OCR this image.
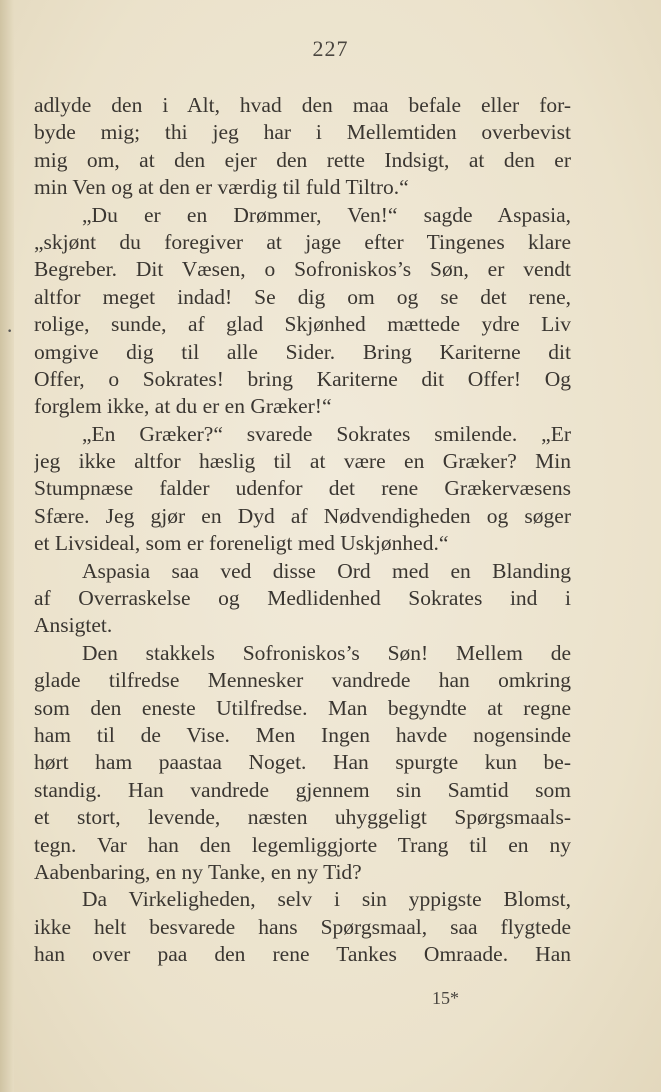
227
·
adlyde den i Alt, hvad den maa befale eller for-
byde mig; thi jeg har i Mellemtiden overbevist
mig om, at den ejer den rette Indsigt, at den er
min Ven og at den er værdig til fuld Tiltro.“
„Du er en Drømmer, Ven!“ sagde Aspasia,
„skjønt du foregiver at jage efter Tingenes klare
Begreber. Dit Væsen, o Sofroniskos’s Søn, er vendt
altfor meget indad! Se dig om og se det rene,
rolige, sunde, af glad Skjønhed mættede ydre Liv
omgive dig til alle Sider. Bring Kariterne dit
Offer, o Sokrates! bring Kariterne dit Offer! Og
forglem ikke, at du er en Græker!“
„En Græker?“ svarede Sokrates smilende. „Er
jeg ikke altfor hæslig til at være en Græker? Min
Stumpnæse falder udenfor det rene Grækervæsens
Sfære. Jeg gjør en Dyd af Nødvendigheden og søger
et Livsideal, som er foreneligt med Uskjønhed.“
Aspasia saa ved disse Ord med en Blanding
af Overraskelse og Medlidenhed Sokrates ind i
Ansigtet.
Den stakkels Sofroniskos’s Søn! Mellem de
glade tilfredse Mennesker vandrede han omkring
som den eneste Utilfredse. Man begyndte at regne
ham til de Vise. Men Ingen havde nogensinde
hørt ham paastaa Noget. Han spurgte kun be-
standig. Han vandrede gjennem sin Samtid som
et stort, levende, næsten uhyggeligt Spørgsmaals-
tegn. Var han den legemliggjorte Trang til en ny
Aabenbaring, en ny Tanke, en ny Tid?
Da Virkeligheden, selv i sin yppigste Blomst,
ikke helt besvarede hans Spørgsmaal, saa flygtede
han over paa den rene Tankes Omraade. Han
15*
